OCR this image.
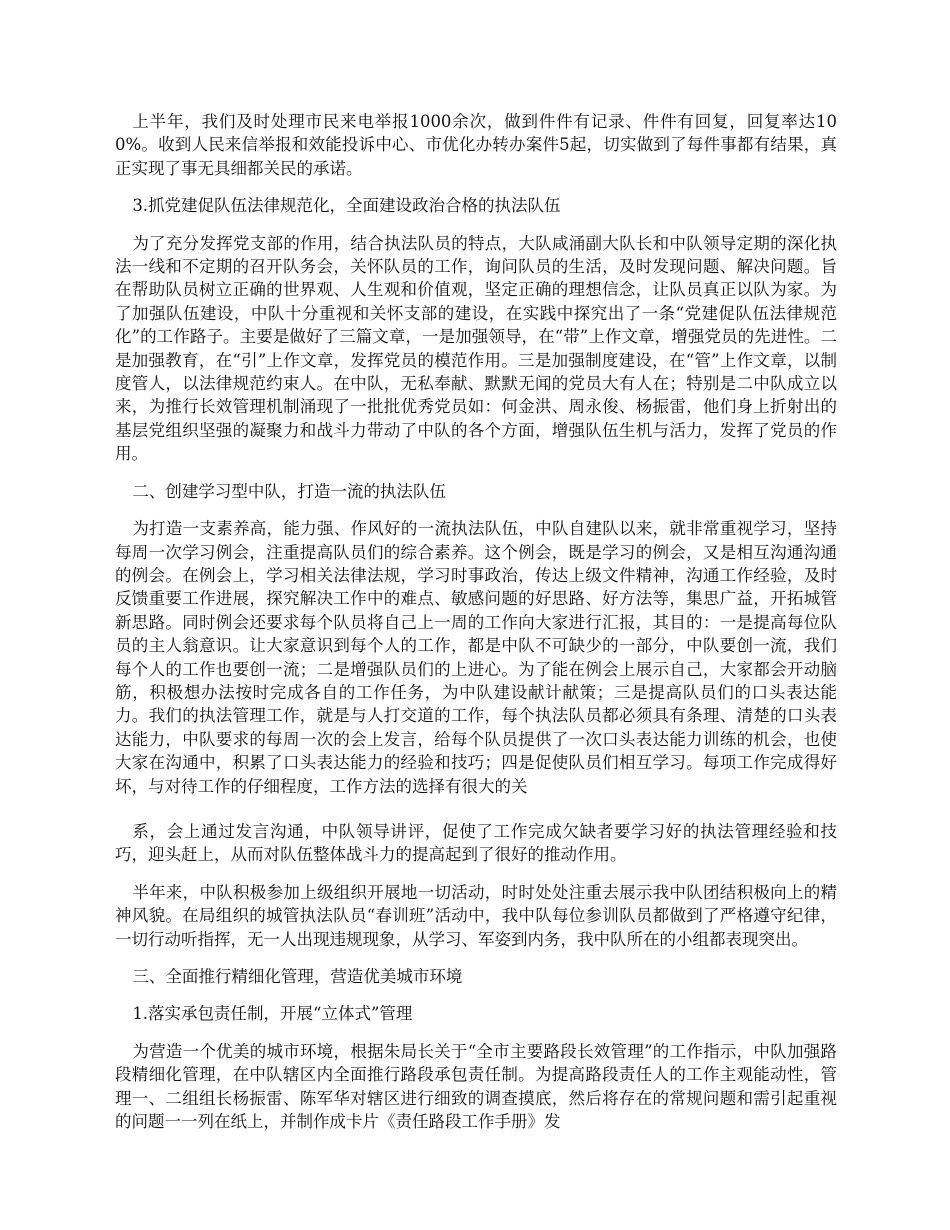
上半年，我们及时处理市民来电举报1000余次，做到件件有记录、件件有回复，回复率达100%。收到人民来信举报和效能投诉中心、市优化办转办案件5起，切实做到了每件事都有结果，真正实现了事无具细都关民的承诺。

3.抓党建促队伍法律规范化，全面建设政治合格的执法队伍

为了充分发挥党支部的作用，结合执法队员的特点，大队咸涌副大队长和中队领导定期的深化执法一线和不定期的召开队务会，关怀队员的工作，询问队员的生活，及时发现问题、解决问题。旨在帮助队员树立正确的世界观、人生观和价值观，坚定正确的理想信念，让队员真正以队为家。为了加强队伍建设，中队十分重视和关怀支部的建设，在实践中探究出了一条“党建促队伍法律规范化”的工作路子。主要是做好了三篇文章，一是加强领导，在“带”上作文章，增强党员的先进性。二是加强教育，在“引”上作文章，发挥党员的模范作用。三是加强制度建设，在“管”上作文章，以制度管人，以法律规范约束人。在中队，无私奉献、默默无闻的党员大有人在；特别是二中队成立以来，为推行长效管理机制涌现了一批批优秀党员如：何金洪、周永俊、杨振雷，他们身上折射出的基层党组织坚强的凝聚力和战斗力带动了中队的各个方面，增强队伍生机与活力，发挥了党员的作用。

二、创建学习型中队，打造一流的执法队伍

为打造一支素养高，能力强、作风好的一流执法队伍，中队自建队以来，就非常重视学习，坚持每周一次学习例会，注重提高队员们的综合素养。这个例会，既是学习的例会，又是相互沟通沟通的例会。在例会上，学习相关法律法规，学习时事政治，传达上级文件精神，沟通工作经验，及时反馈重要工作进展，探究解决工作中的难点、敏感问题的好思路、好方法等，集思广益，开拓城管新思路。同时例会还要求每个队员将自己上一周的工作向大家进行汇报，其目的：一是提高每位队员的主人翁意识。让大家意识到每个人的工作，都是中队不可缺少的一部分，中队要创一流，我们每个人的工作也要创一流；二是增强队员们的上进心。为了能在例会上展示自己，大家都会开动脑筋，积极想办法按时完成各自的工作任务，为中队建设献计献策；三是提高队员们的口头表达能力。我们的执法管理工作，就是与人打交道的工作，每个执法队员都必须具有条理、清楚的口头表达能力，中队要求的每周一次的会上发言，给每个队员提供了一次口头表达能力训练的机会，也使大家在沟通中，积累了口头表达能力的经验和技巧；四是促使队员们相互学习。每项工作完成得好坏，与对待工作的仔细程度，工作方法的选择有很大的关

系，会上通过发言沟通，中队领导讲评，促使了工作完成欠缺者要学习好的执法管理经验和技巧，迎头赶上，从而对队伍整体战斗力的提高起到了很好的推动作用。

半年来，中队积极参加上级组织开展地一切活动，时时处处注重去展示我中队团结积极向上的精神风貌。在局组织的城管执法队员“春训班”活动中，我中队每位参训队员都做到了严格遵守纪律，一切行动听指挥，无一人出现违规现象，从学习、军姿到内务，我中队所在的小组都表现突出。

三、全面推行精细化管理，营造优美城市环境

1.落实承包责任制，开展“立体式”管理

为营造一个优美的城市环境，根据朱局长关于“全市主要路段长效管理”的工作指示，中队加强路段精细化管理，在中队辖区内全面推行路段承包责任制。为提高路段责任人的工作主观能动性，管理一、二组组长杨振雷、陈军华对辖区进行细致的调查摸底，然后将存在的常规问题和需引起重视的问题一一列在纸上，并制作成卡片《责任路段工作手册》发
